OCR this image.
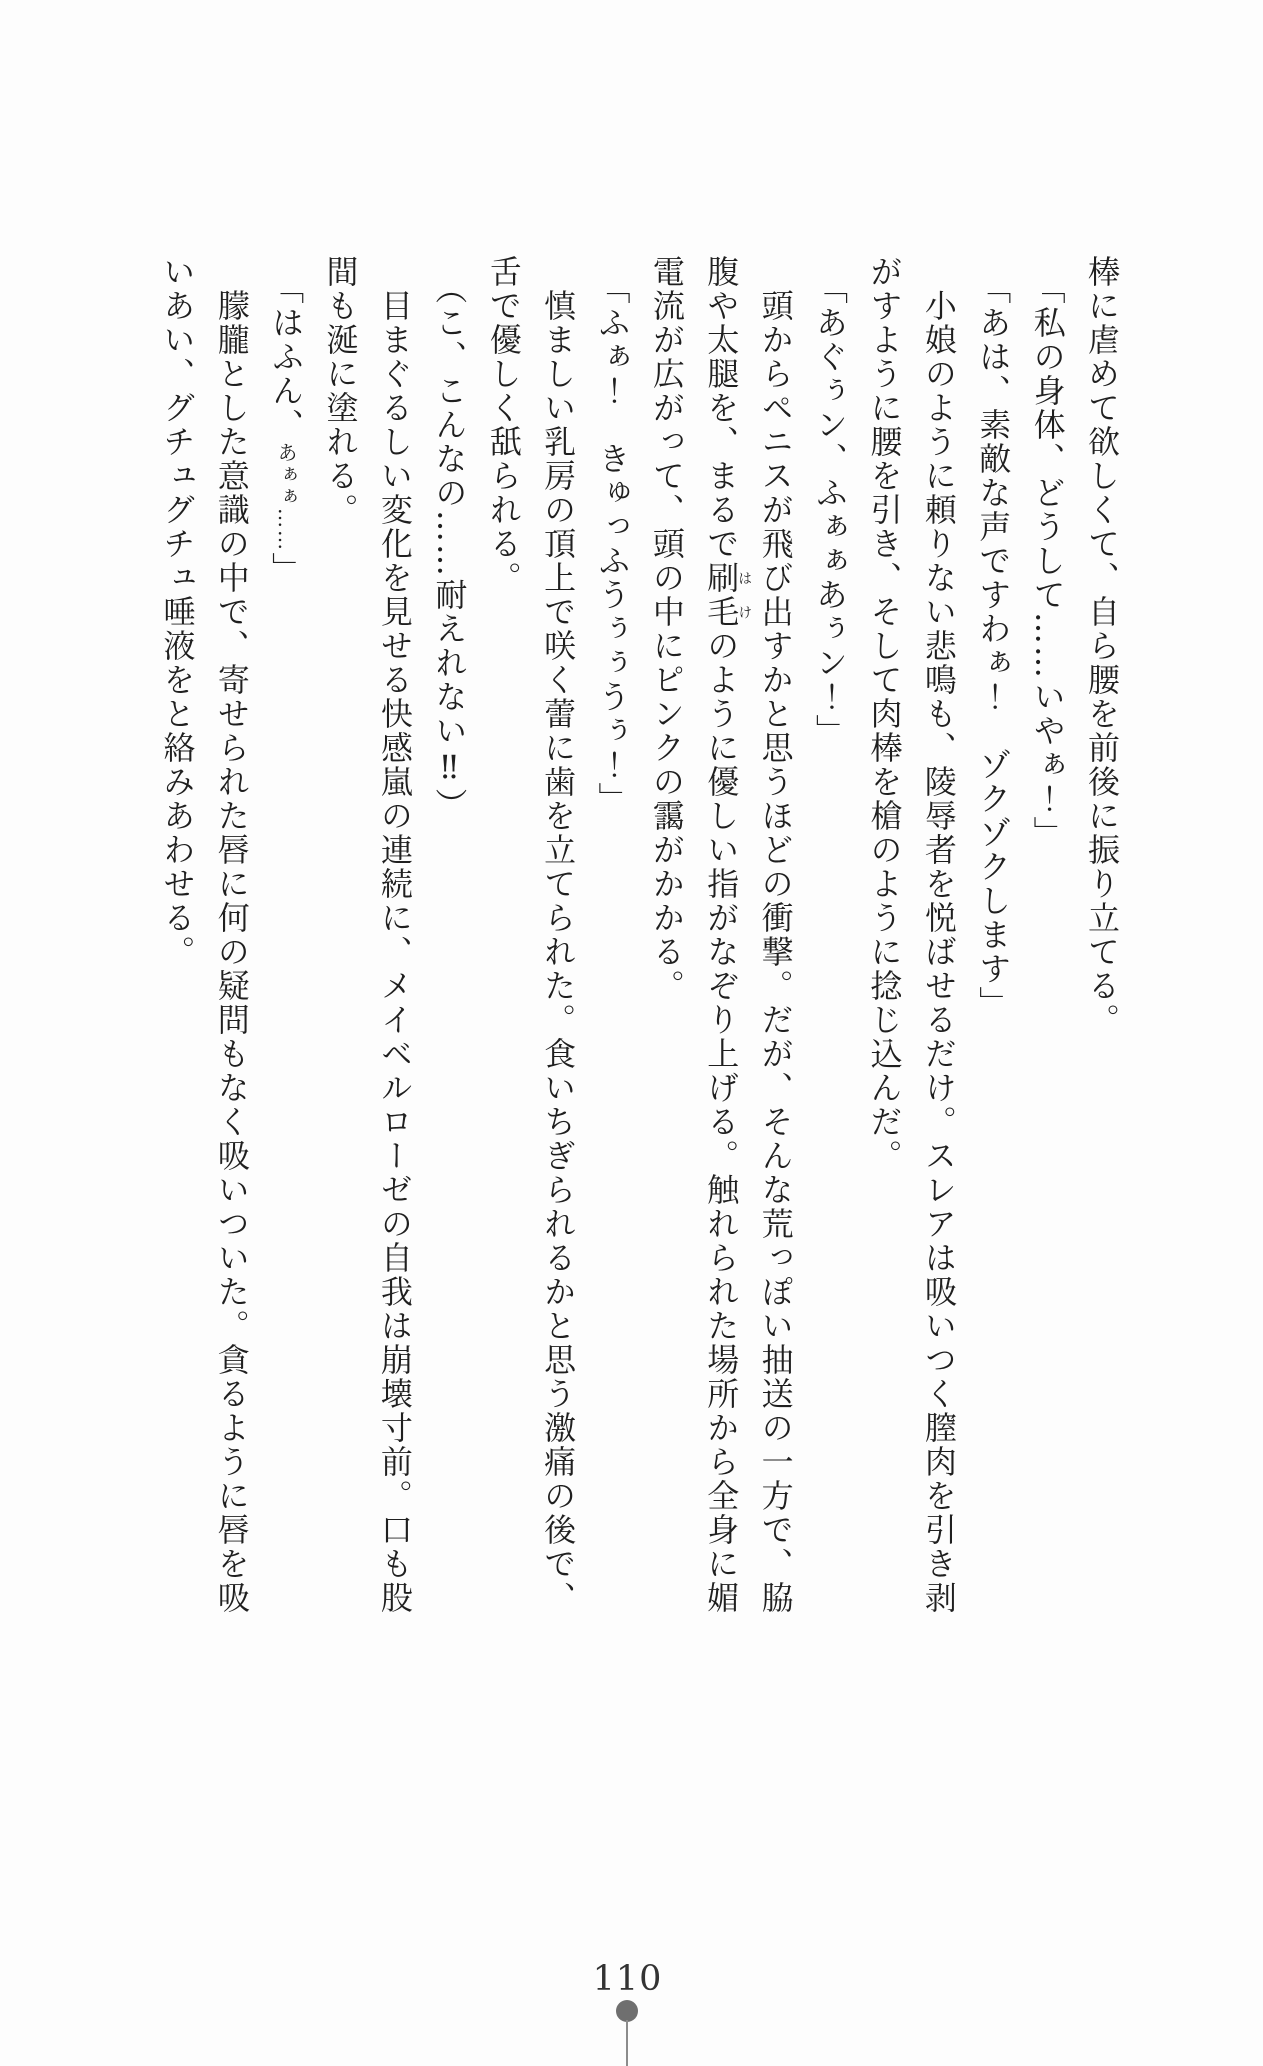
棒に虐めて欲しくて、自ら腰を前後に振り立てる。

「私の身体、どうして……いやぁ！」

「あは、素敵な声ですわぁ！　ゾクゾクします」

小娘のように頼りない悲鳴も、陵辱者を悦ばせるだけ。スレアは吸いつく膣肉を引き剥がすように腰を引き、そして肉棒を槍のように捻じ込んだ。

「あぐぅン、ふぁぁあぅン！」

頭からペニスが飛び出すかと思うほどの衝撃。だが、そんな荒っぽい抽送の一方で、脇腹や太腿を、まるで刷毛はけのように優しい指がなぞり上げる。触れられた場所から全身に媚電流が広がって、頭の中にピンクの靄がかかる。

「ふぁ！　きゅっふうぅぅうぅ！」

慎ましい乳房の頂上で咲く蕾に歯を立てられた。食いちぎられるかと思う激痛の後で、舌で優しく舐られる。

（こ、こんなの……耐えれない‼）

目まぐるしい変化を見せる快感嵐の連続に、メイベルローゼの自我は崩壊寸前。口も股間も涎に塗れる。

「はふん、あぁぁ……」

朦朧とした意識の中で、寄せられた唇に何の疑問もなく吸いついた。貪るように唇を吸いあい、グチュグチュ唾液をと絡みあわせる。

110
